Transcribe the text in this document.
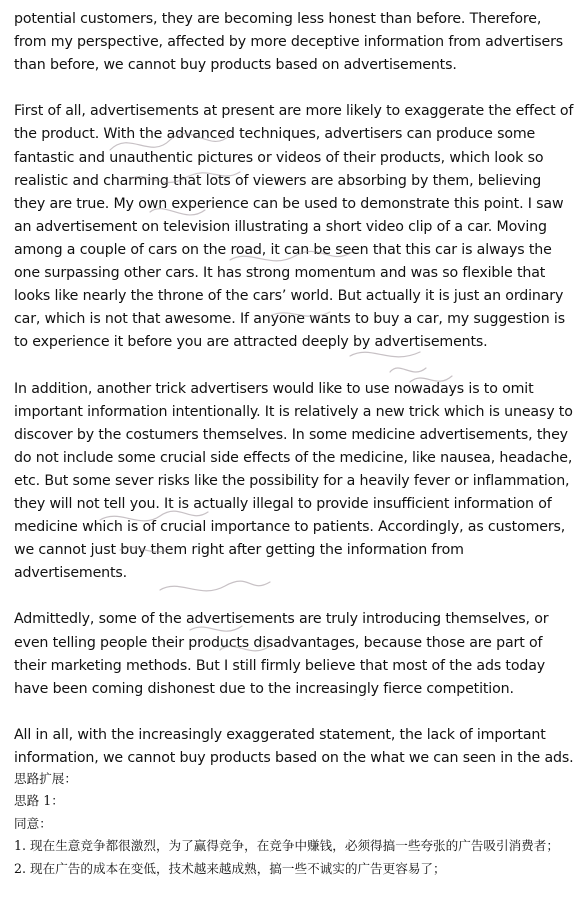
potential customers, they are becoming less honest than before. Therefore, from my perspective, affected by more deceptive information from advertisers than before, we cannot buy products based on advertisements.

First of all, advertisements at present are more likely to exaggerate the effect of the product. With the advanced techniques, advertisers can produce some fantastic and unauthentic pictures or videos of their products, which look so realistic and charming that lots of viewers are absorbing by them, believing they are true. My own experience can be used to demonstrate this point. I saw an advertisement on television illustrating a short video clip of a car. Moving among a couple of cars on the road, it can be seen that this car is always the one surpassing other cars. It has strong momentum and was so flexible that looks like nearly the throne of the cars’ world. But actually it is just an ordinary car, which is not that awesome. If anyone wants to buy a car, my suggestion is to experience it before you are attracted deeply by advertisements.

In addition, another trick advertisers would like to use nowadays is to omit important information intentionally. It is relatively a new trick which is uneasy to discover by the costumers themselves. In some medicine advertisements, they do not include some crucial side effects of the medicine, like nausea, headache, etc. But some sever risks like the possibility for a heavily fever or inflammation, they will not tell you. It is actually illegal to provide insufficient information of medicine which is of crucial importance to patients. Accordingly, as customers, we cannot just buy them right after getting the information from advertisements.

Admittedly, some of the advertisements are truly introducing themselves, or even telling people their products disadvantages, because those are part of their marketing methods. But I still firmly believe that most of the ads today have been coming dishonest due to the increasingly fierce competition.

All in all, with the increasingly exaggerated statement, the lack of important information, we cannot buy products based on the what we can seen in the ads.

思路扩展：
思路 1：
同意：
1. 现在生意竞争都很激烈，为了赢得竞争，在竞争中赚钱，必须得搞一些夸张的广告吸引消费者；
2. 现在广告的成本在变低，技术越来越成熟，搞一些不诚实的广告更容易了；
